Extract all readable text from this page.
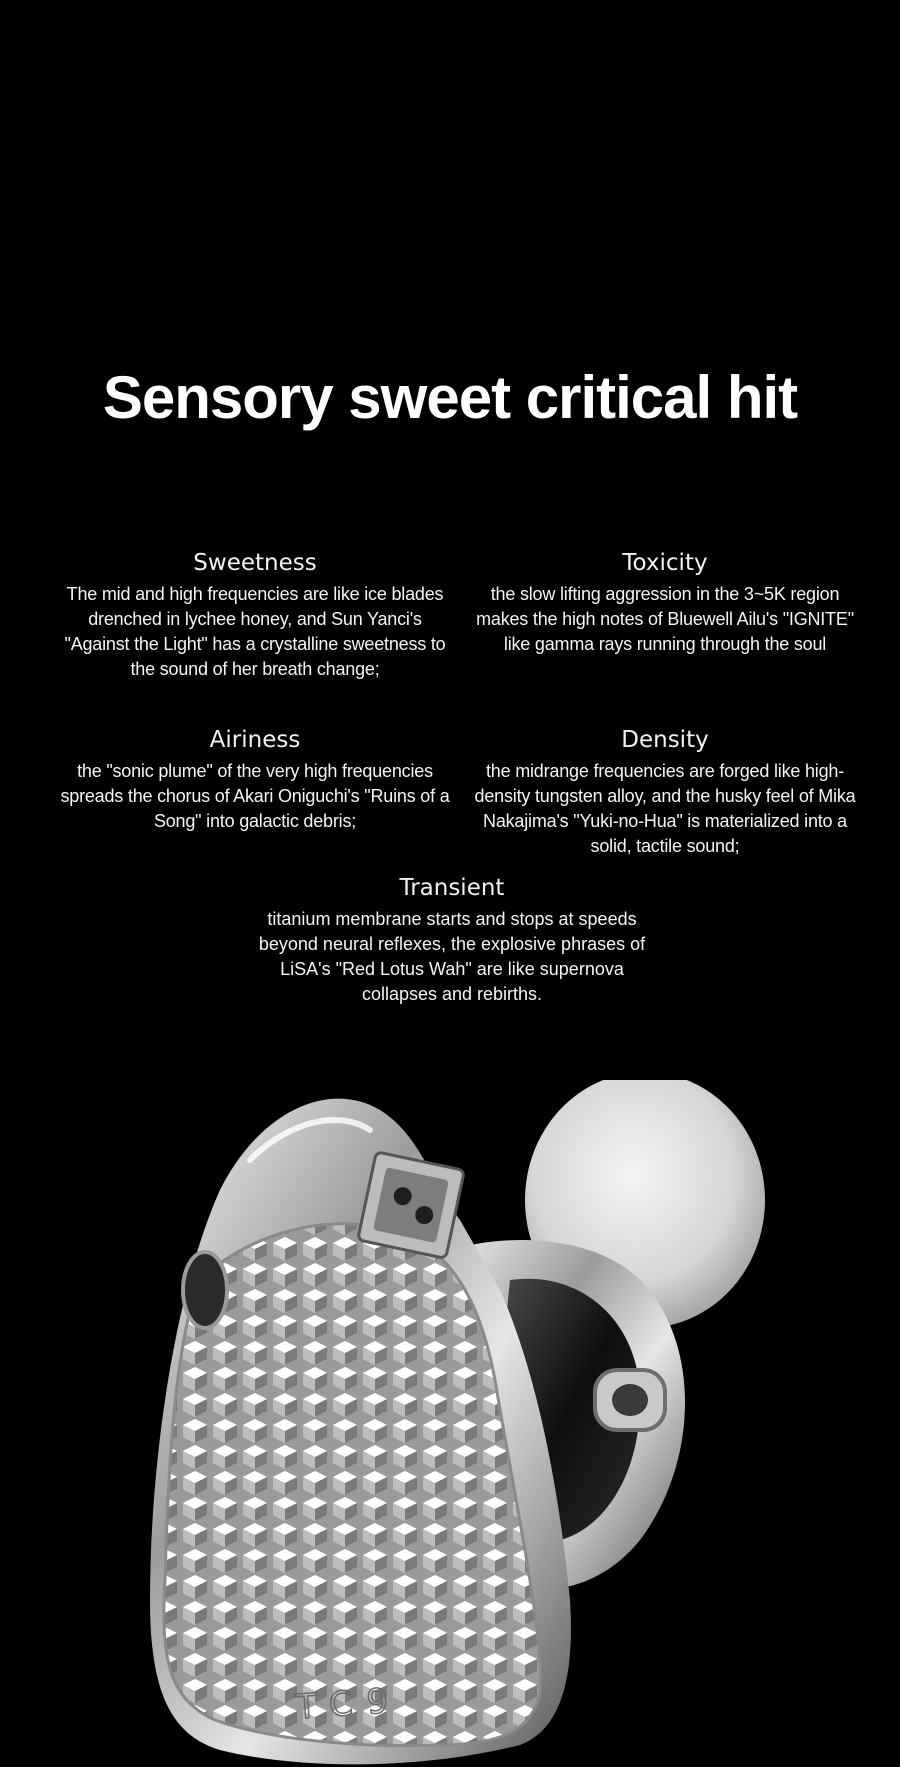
Sensory sweet critical hit
Sweetness

The mid and high frequencies are like ice blades drenched in lychee honey, and Sun Yanci's "Against the Light" has a crystalline sweetness to the sound of her breath change;

Toxicity

the slow lifting aggression in the 3~5K region makes the high notes of Bluewell Ailu's "IGNITE" like gamma rays running through the soul

Airiness

the "sonic plume" of the very high frequencies spreads the chorus of Akari Oniguchi's "Ruins of a Song" into galactic debris;

Density

the midrange frequencies are forged like high-density tungsten alloy, and the husky feel of Mika Nakajima's "Yuki-no-Hua" is materialized into a solid, tactile sound;

Transient

titanium membrane starts and stops at speeds beyond neural reflexes, the explosive phrases of LiSA's "Red Lotus Wah" are like supernova collapses and rebirths.

TC9
